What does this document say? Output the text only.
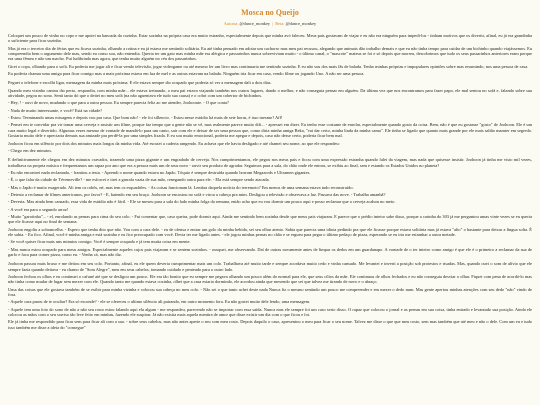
Mosca no Queijo
Autoria: @dance_monkey | Beta: @dance_monkey

Coloquei um pouco de vinho no copo e me apoiei na bancada da cozinha. Estar sozinha na própria casa era muito estranho, especialmente depois que minha avó faleceu. Meus pais gostavam de viajar e eu não era ninguém para impedi-los - tinham motivos que os divertir, afinal, eu já era grandinha o suficiente para ficar sozinha.

Mas já era o terceiro dia de férias que eu ficava sozinha, olhando a rotina e eu já estava me sentindo solitária. Eu até tinha pensado em adotar um cachorro mas meu pai recusou, alegando que animais dão trabalho demais e que eu não tinha tempo para cuidar de um bichinho quando viajássemos. Eu compreendia bem o argumento dele mas, sendo eu como sou, não entendia. Queria ter um gato mas minha mãe era alérgica e passarinhos nunca sobreviviam muito - o último canal, o "mascote" mateus se foi e só depois que morreu, descobrimos que tudo os seus passarinhos anteriores eram porque era uma fêmea e não um macho. Pui ludibriada mas agora, que tenha muito alguém no céu dos passarinhos.

Girei o copo, olhando para o sofá. Eu poderia me jogar ali e ficar vendo televisão, jogar videogame ou até mesmo ler um livro mas continuaria me sentindo sozinha. E eu não sou dos mais fãs de balada. Tenho minhas próprias e impopulares opiniões sobre mas resumindo, nos uma pessoa de casa.

Eu poderia chamar uma amiga para ficar comigo mas a mais próxima estava em lua de mel e as outras estavam na balada. Ninguém iria ficar em casa, vendo filme ou jogando Uno. A não ser uma pessoa.

Peguei o telefone e escolhi ligar, mensagem da minha mais próxima. E ele estava sempre tão ocupado que poderia só ver a mensagem dali a dois dias.

Quando meu vizinho cantou tão perto, respondia, com minha mãe... ele estava treinando, o meu pai estava viajando também nos outros lugares, dando o melhor, e não conseguia pensar em alguém. Da última vez que nos encontramos para fazer papo, ele mal sentou no sofá e, falando sobre sua atividade, pegou no sono. Senti tanto dó que o deitei no meu sofá (na não aguentava ele tudo sua causa) e o cobri com um cobertor de bichinhos.

- Hey, ! - ouvi de novo, mudando o que para a outra pessoa. Eu sempre parecia feliz ao me atender, Joohoonie. - O que conta?

- Nada de muito interessante, e você? Está na cidade?

- Estou. Terminando umas mixagens e depois vou pra casa. Que bom não! - ele foi sillencio. - Estou nesse estúdio há mais de sete horas, é isso mesmo? Aff!

- Pensei em te convidar pra vir tomar uma cerveja e assistir um filme, porque faz tempo que a gente não se vê, mas realmente parece muito difi... - apressei em dizer. Eu tenho esse costume de enrolar, especialmente quando gosto da coisa. Bem, não é que eu gostasse "gosto" de Joohoon. Ele é um cara muito legal e divertido. Algumas vezes mesmo de vontade de mandá-lo para um canto, sair com ele e deixar de ser uma pessoa que, como diria minha amiga Beka, "vai dar certo, minha linda da minha cama". Ele tinha se ligado que quanto mais grande por ele mais saltão mamter em segredo. Gostaria muito dele e apreciaria demais sua amizade pra perdê-la por uma simples fixada. E eu sou muito emocional, poderia me apegar e depois, caso não desse certo, poderia ficar bem mal.

Joohoon ficou em silêncio por dois dos minutos mais longos da minha vida. Até escutei a caderia rangendo. Eu achava que ele havia desligado e até chamei seu nome, ao que ele respondeu:

- Chego em dez minutos.

E definitivamente ele chegou em dez minutos cravados, trazendo uma pizza gigante e um engradado de cerveja. Nos cumprimentamos, ele pegou nos meus pais e ficou com uma expressão estranha quando falei da viagem, mas nada que quisesse insistir. Joohoon já tinha me visto mil vezes, trabalhava na propria música e frequentamos um rapaz por ano que era a pessoa mais um de seus novo - ouvir seu produto de agradar. Seguimos para a sala, do chão onde ele entrou, se exibiu ao final, sem e estando os Estados Unidos no planeta?

- Eu não encontrei nada reclamada, - frantiou a testa. - Aprendi o nome quando estava no Japão. Tóquio é sempre destruída quando borrum Megazords e Ultramen gigantes.

- É, o que falar da cidade de Tévemeville? - me esforcei e tirei a garrafa vazia de sua mão, renegando outra para ele. - Ela está sempre sendo atacada.

- Mas o Japão é muito exagerado. Ali tem os robôs, né, mas tem os esquadrões. - As coisas funcionam lá. Lembra daquela notícia do terremoto? Em menos de uma semana estava tudo reconstruído.

- Detesto a reclamar de filmes americanos, por favor? - E, batendo em seu braço. Joohoon se encostou no sofá e virou a cabeça pra mim. Desligou a televisão e observava a luz. Passava das nove. - Trabalha amanhã?

- Deveria. Mas ainda bem cansado, essa vida de estúdio não é fácil. - Ele se mexeu para a sala do lado minha folga da semana, então acho que eu vou dormir um pouco aqui e posso reclamar que a cerveja acabou no meio.

- A você era para o segundo arroz!

- Muito "garotinha"... - el, enrolando as pernas para cima do seu colo. - Fui comentar que, caso queira, pode dormir aqui. Ainda me sentindo bem sozinha desde que meus pais viajaram. E parece que o prédio inteiro sabe disso, porque a carinha do 303 já me perguntou umas vinte vezes se eu queria que ele ficasse aqui no final de semana.

Joohoon engoliu a sobrancelha. - Espero que tenha dito que não. Vou com a cara dele. - eu de ofensa e entrar um golo da minha bebida, sei seu olhar atento. Sabia que parecia uma idiota pedindo pra que ele ficasse porque estava solitária mas já estava "alto" o bastante para deixar a língua solta. É ele sabia. - Eu fico. Afinal, você é minha amiga e está sozinha e eu fico preocupado com você. Devia ter me ligado antes. - ele jogou minhas pernas no chão e se ergueu para pegar o último pedaço de pizza, esperando se eu iria me estranhar a outra metade.

- Se você quiser ficar mais uns minutos comigo. Você é sempre ocupado e já tem muita coisa em mente.

- Mas nunca estou ocupado para meus amigos. Especialmente aqueles cujos pais viajaram e se sentem sozinhos. - ousquei, me observando. Daí de outras novamente antes de limpar os dedos em um guardanapo. A vontade de o ter inteiro como amigo é que ele é o primeiro a reclamar da sua de garfo e faca para comer pizza, como eu. - Venha cá, mas não diz.

Joohoon passou mais bruxo e me deitou em seu colo. Portanto, afinal, eu ele quem deveria cumprimentar mais um colo. Trabalhava até muito tarde e sempre acordava muito cedo e vinha cansado. Me levantei e inverti a posição sob protestos e risadas. Mas, quando ouvi o som de alívio que ele sempre fazia quando deitava - eu chamo de "Som Alegre", meu em seus cabelos, tomando cuidado e penteado para o outro lado.

Joohoon fechou os olhos e eu continuei o cafuné até que se desligou um pouco. Ele era tão bonito que eu sempre me pegava olhando um pouco além do normal para ele, que seus cílios da mãe. Ele continuou de olhos fechados e eu não conseguia desviar o olhar. Fiquei com pena de acordá-lo mas não tinha como mudar de lugar sem mexer com ele. Quando tanto me quando estava cozinha, olhei que a casa estaria dormindo, ele acordou ainda que mexendo que sei que talvez me tirando de novo e o abraço.

Uma das coisas que ele gostava também de se exibir para minha vizinha e colocou sua cabeça no meu colo. - Não sei o que tanto achei deste nada Nunca fiz o mesmo sentindo um pouco me compreender e em mexer o dedo num. Mas gente apertou minhas atenções com seu dedo "não" vindo de fora.

- Aquele cara parou de te ocultar? Era só esconde? - ele se ofereceu o ultimo silêncio ali pairando, em outro momento fora. Eu não gostei muito dele lendo, uma mensagem.

- Aquele tem uma foto do sono de não a não seu rosto estou falando aqui ela algum - me respondeu, parecendo não se importar com essa saída. Nunca mas ele sempre foi um caso serio disso. O rapaz que colocou o jornal e as pernas em sua coisa, tinha entrado e levantado sua posição. Ainda ele colocou as mãos com o seu sorriso tão leve feito em minhas, fazendo ele suspirar. Já não existia mais aquela mentira de amor que disse existir um dia com o que ficou e foi.

Ele já tinha me respondido para ficar sem para ficar ali com a sua. - sobre seus cabelos, mas não antes aperte o seu com meu rosto. Depois daquilo o caso, apresentou o meu para ficar o seu nome. Talvez me disse o que que meu rosto, sem mas também que até meu e não o dele. Com um eu e tudo isso também me disse a ideia do "consegue"
